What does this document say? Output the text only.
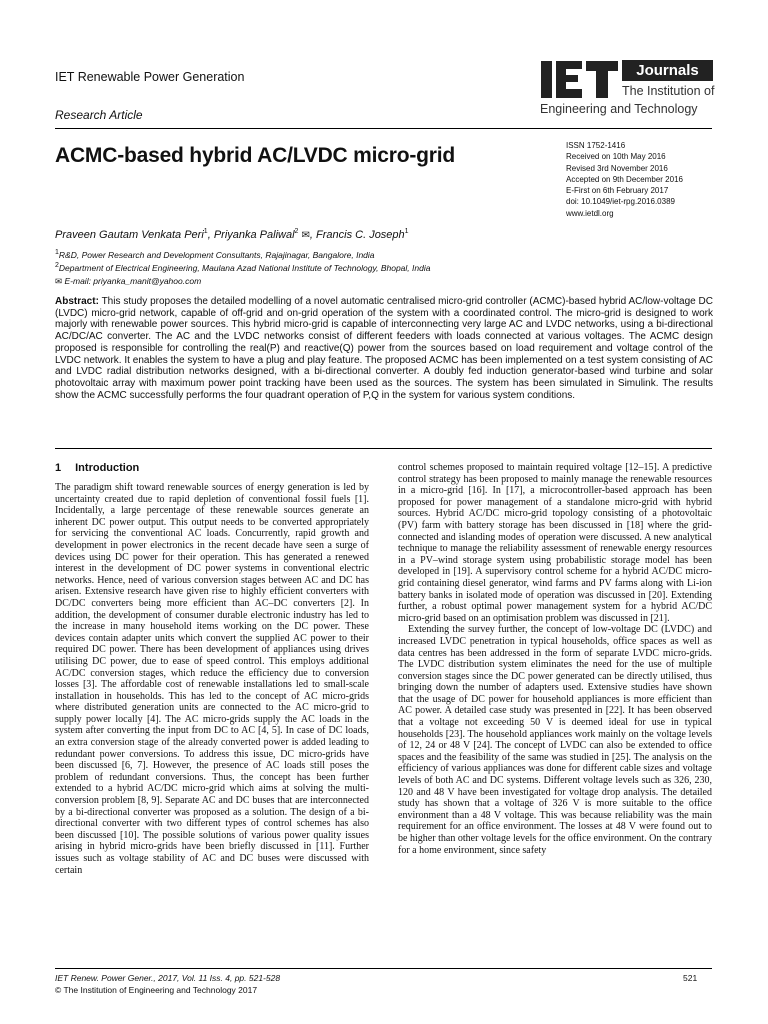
IET Renewable Power Generation
Research Article
Journals
The Institution of
Engineering and Technology
ACMC-based hybrid AC/LVDC micro-grid	ISSN 1752-1416
Received on 10th May 2016
Revised 3rd November 2016
Accepted on 9th December 2016
E-First on 6th February 2017
doi: 10.1049/iet-rpg.2016.0389
www.ietdl.org
Praveen Gautam Venkata Peri$^1$, Priyanka Paliwal$^2$ ✉, Francis C. Joseph$^1$
$^1$R&D, Power Research and Development Consultants, Rajajinagar, Bangalore, India
$^2$Department of Electrical Engineering, Maulana Azad National Institute of Technology, Bhopal, India
✉ E-mail: priyanka_manit@yahoo.com
Abstract: This study proposes the detailed modelling of a novel automatic centralised micro-grid controller (ACMC)-based hybrid AC/low-voltage DC (LVDC) micro-grid network, capable of off-grid and on-grid operation of the system with a coordinated control. The micro-grid is designed to work majorly with renewable power sources. This hybrid micro-grid is capable of interconnecting very large AC and LVDC networks, using a bi-directional AC/DC/AC converter. The AC and the LVDC networks consist of different feeders with loads connected at various voltages. The ACMC design proposed is responsible for controlling the real(P) and reactive(Q) power from the sources based on load requirement and voltage control of the LVDC network. It enables the system to have a plug and play feature. The proposed ACMC has been implemented on a test system consisting of AC and LVDC radial distribution networks designed, with a bi-directional converter. A doubly fed induction generator-based wind turbine and solar photovoltaic array with maximum power point tracking have been used as the sources. The system has been simulated in Simulink. The results show the ACMC successfully performs the four quadrant operation of P,Q in the system for various system conditions.
1 Introduction

The paradigm shift toward renewable sources of energy generation is led by uncertainty created due to rapid depletion of conventional fossil fuels [1]. Incidentally, a large percentage of these renewable sources generate an inherent DC power output. This output needs to be converted appropriately for servicing the conventional AC loads. Concurrently, rapid growth and development in power electronics in the recent decade have seen a surge of devices using DC power for their operation. This has generated a renewed interest in the development of DC power systems in conventional electric networks. Hence, need of various conversion stages between AC and DC has arisen. Extensive research have given rise to highly efficient converters with DC/DC converters being more efficient than AC–DC converters [2]. In addition, the development of consumer durable electronic industry has led to the increase in many household items working on the DC power. These devices contain adapter units which convert the supplied AC power to their required DC power. There has been development of appliances using drives utilising DC power, due to ease of speed control. This employs additional AC/DC conversion stages, which reduce the efficiency due to conversion losses [3]. The affordable cost of renewable installations led to small-scale installation in households. This has led to the concept of AC micro-grids where distributed generation units are connected to the AC micro-grid to supply power locally [4]. The AC micro-grids supply the AC loads in the system after converting the input from DC to AC [4, 5]. In case of DC loads, an extra conversion stage of the already converted power is added leading to redundant power conversions. To address this issue, DC micro-grids have been discussed [6, 7]. However, the presence of AC loads still poses the problem of redundant conversions. Thus, the concept has been further extended to a hybrid AC/DC micro-grid which aims at solving the multi-conversion problem [8, 9]. Separate AC and DC buses that are interconnected by a bi-directional converter was proposed as a solution. The design of a bi-directional converter with two different types of control schemes has also been discussed [10]. The possible solutions of various power quality issues arising in hybrid micro-grids have been briefly discussed in [11]. Further issues such as voltage stability of AC and DC buses were discussed with certain

control schemes proposed to maintain required voltage [12–15]. A predictive control strategy has been proposed to mainly manage the renewable resources in a micro-grid [16]. In [17], a microcontroller-based approach has been proposed for power management of a standalone micro-grid with hybrid sources. Hybrid AC/DC micro-grid topology consisting of a photovoltaic (PV) farm with battery storage has been discussed in [18] where the grid-connected and islanding modes of operation were discussed. A new analytical technique to manage the reliability assessment of renewable energy resources in a PV–wind storage system using probabilistic storage model has been developed in [19]. A supervisory control scheme for a hybrid AC/DC micro-grid containing diesel generator, wind farms and PV farms along with Li-ion battery banks in isolated mode of operation was discussed in [20]. Extending further, a robust optimal power management system for a hybrid AC/DC micro-grid based on an optimisation problem was discussed in [21].

Extending the survey further, the concept of low-voltage DC (LVDC) and increased LVDC penetration in typical households, office spaces as well as data centres has been addressed in the form of separate LVDC micro-grids. The LVDC distribution system eliminates the need for the use of multiple conversion stages since the DC power generated can be directly utilised, thus bringing down the number of adapters used. Extensive studies have shown that the usage of DC power for household appliances is more efficient than AC power. A detailed case study was presented in [22]. It has been observed that a voltage not exceeding 50 V is deemed ideal for use in typical households [23]. The household appliances work mainly on the voltage levels of 12, 24 or 48 V [24]. The concept of LVDC can also be extended to office spaces and the feasibility of the same was studied in [25]. The analysis on the efficiency of various appliances was done for different cable sizes and voltage levels of both AC and DC systems. Different voltage levels such as 326, 230, 120 and 48 V have been investigated for voltage drop analysis. The detailed study has shown that a voltage of 326 V is more suitable to the office environment than a 48 V voltage. This was because reliability was the main requirement for an office environment. The losses at 48 V were found out to be higher than other voltage levels for the office environment. On the contrary for a home environment, since safety

IET Renew. Power Gener., 2017, Vol. 11 Iss. 4, pp. 521-528
© The Institution of Engineering and Technology 2017
521
